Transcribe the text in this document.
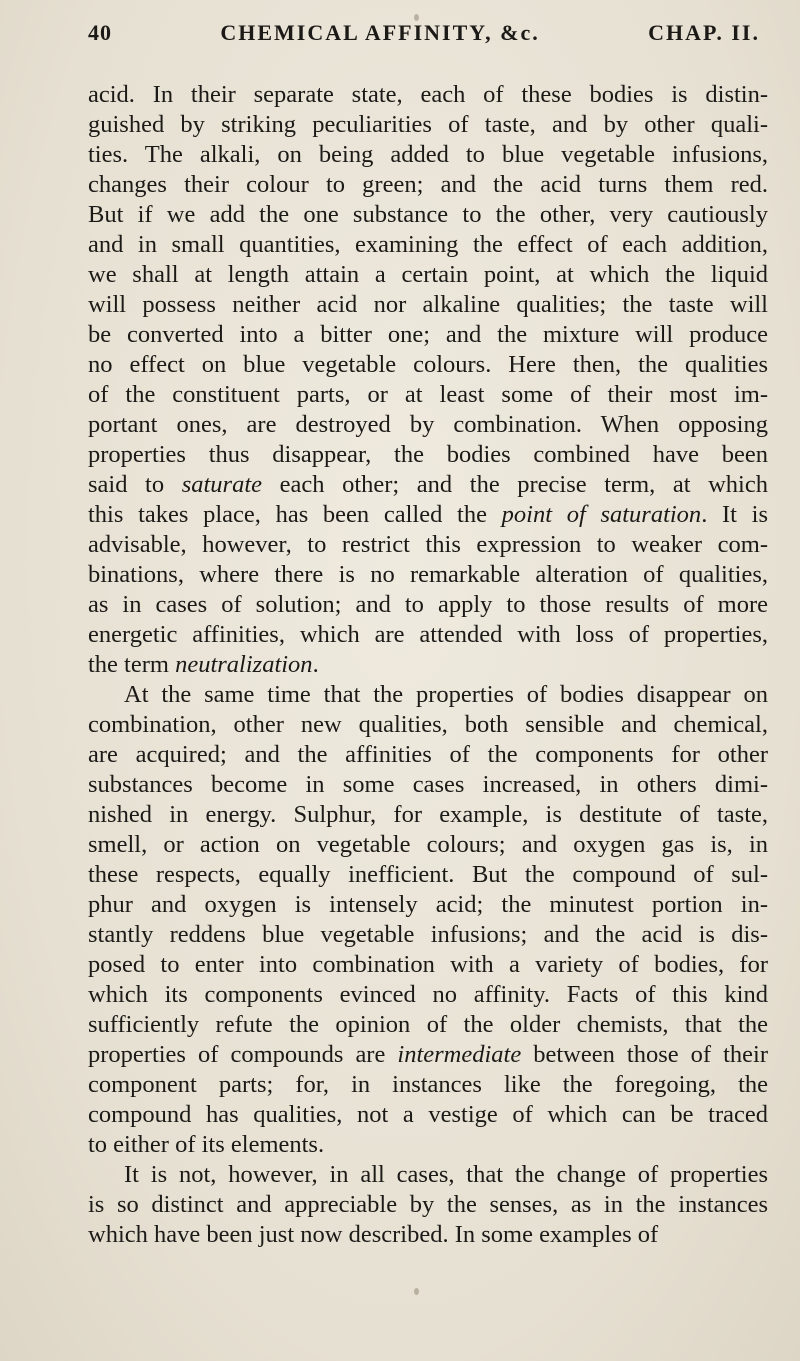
40	CHEMICAL AFFINITY, &c.	CHAP. II.
acid. In their separate state, each of these bodies is distin-
guished by striking peculiarities of taste, and by other quali-
ties. The alkali, on being added to blue vegetable infusions,
changes their colour to green; and the acid turns them red.
But if we add the one substance to the other, very cautiously
and in small quantities, examining the effect of each addition,
we shall at length attain a certain point, at which the liquid
will possess neither acid nor alkaline qualities; the taste will
be converted into a bitter one; and the mixture will produce
no effect on blue vegetable colours. Here then, the qualities
of the constituent parts, or at least some of their most im-
portant ones, are destroyed by combination. When opposing
properties thus disappear, the bodies combined have been
said to saturate each other; and the precise term, at which
this takes place, has been called the point of saturation. It is
advisable, however, to restrict this expression to weaker com-
binations, where there is no remarkable alteration of qualities,
as in cases of solution; and to apply to those results of more
energetic affinities, which are attended with loss of properties,
the term neutralization.
At the same time that the properties of bodies disappear on
combination, other new qualities, both sensible and chemical,
are acquired; and the affinities of the components for other
substances become in some cases increased, in others dimi-
nished in energy. Sulphur, for example, is destitute of taste,
smell, or action on vegetable colours; and oxygen gas is, in
these respects, equally inefficient. But the compound of sul-
phur and oxygen is intensely acid; the minutest portion in-
stantly reddens blue vegetable infusions; and the acid is dis-
posed to enter into combination with a variety of bodies, for
which its components evinced no affinity. Facts of this kind
sufficiently refute the opinion of the older chemists, that the
properties of compounds are intermediate between those of their
component parts; for, in instances like the foregoing, the
compound has qualities, not a vestige of which can be traced
to either of its elements.
It is not, however, in all cases, that the change of properties
is so distinct and appreciable by the senses, as in the instances
which have been just now described. In some examples of
